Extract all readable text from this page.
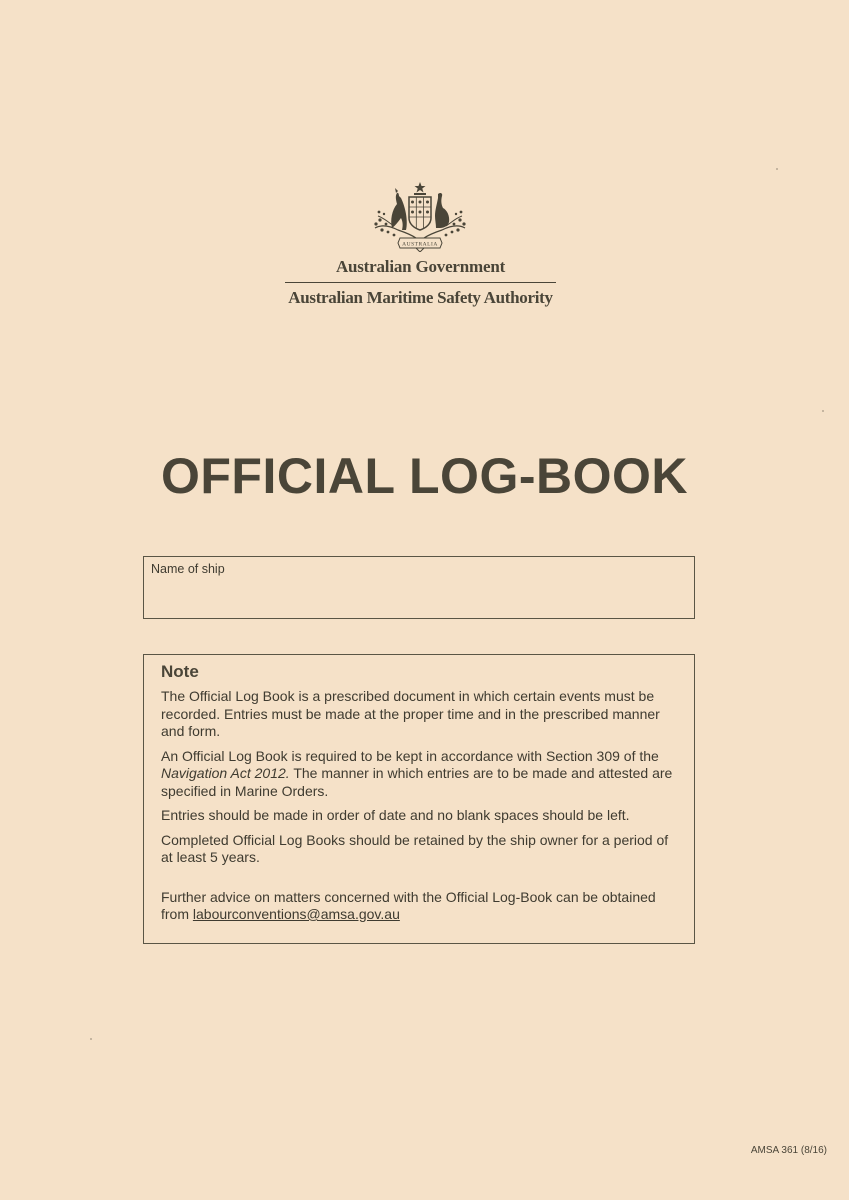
AUSTRALIA
Australian Government
Australian Maritime Safety Authority
OFFICIAL LOG-BOOK
Name of ship
Note

The Official Log Book is a prescribed document in which certain events must be recorded. Entries must be made at the proper time and in the prescribed manner and form.

An Official Log Book is required to be kept in accordance with Section 309 of the Navigation Act 2012. The manner in which entries are to be made and attested are specified in Marine Orders.

Entries should be made in order of date and no blank spaces should be left.

Completed Official Log Books should be retained by the ship owner for a period of at least 5 years.

Further advice on matters concerned with the Official Log-Book can be obtained from labourconventions@amsa.gov.au

AMSA 361 (8/16)
